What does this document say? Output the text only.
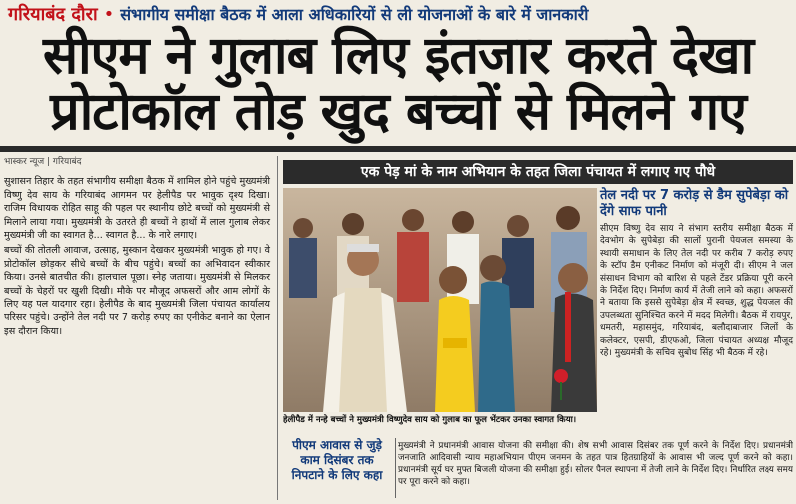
गरियाबंद दौरा • संभागीय समीक्षा बैठक में आला अधिकारियों से ली योजनाओं के बारे में जानकारी
सीएम ने गुलाब लिए इंतजार करते देखा
प्रोटोकॉल तोड़ खुद बच्चों से मिलने गए
भास्कर न्यूज | गरियाबंद

सुशासन तिहार के तहत संभागीय समीक्षा बैठक में शामिल होने पहुंचे मुख्यमंत्री विष्णु देव साय के गरियाबंद आगमन पर हेलीपैड पर भावुक दृश्य दिखा। राजिम विधायक रोहित साहू की पहल पर स्थानीय छोटे बच्चों को मुख्यमंत्री से मिलाने लाया गया। मुख्यमंत्री के उतरते ही बच्चों ने हाथों में लाल गुलाब लेकर मुख्यमंत्री जी का स्वागत है... स्वागत है... के नारे लगाए।

बच्चों की तोतली आवाज, उत्साह, मुस्कान देखकर मुख्यमंत्री भावुक हो गए। वे प्रोटोकॉल छोड़कर सीधे बच्चों के बीच पहुंचे। बच्चों का अभिवादन स्वीकार किया। उनसे बातचीत की। हालचाल पूछा। स्नेह जताया। मुख्यमंत्री से मिलकर बच्चों के चेहरों पर खुशी दिखी। मौके पर मौजूद अफसरों और आम लोगों के लिए यह पल यादगार रहा। हेलीपैड के बाद मुख्यमंत्री जिला पंचायत कार्यालय परिसर पहुंचे। उन्होंने तेल नदी पर 7 करोड़ रुपए का एनीकेट बनाने का ऐलान इस दौरान किया।

एक पेड़ मां के नाम अभियान के तहत जिला पंचायत में लगाए गए पौधे
तेल नदी पर 7 करोड़ से डैम सुपेबेड़ा को देंगे साफ पानी
सीएम विष्णु देव साय ने संभाग स्तरीय समीक्षा बैठक में देवभोग के सुपेबेड़ा की सालों पुरानी पेयजल समस्या के स्थायी समाधान के लिए तेल नदी पर करीब 7 करोड़ रुपए के स्टॉप डैम एनीकट निर्माण को मंजूरी दी। सीएम ने जल संसाधन विभाग को बारिश से पहले टेंडर प्रक्रिया पूरी करने के निर्देश दिए। निर्माण कार्य में तेजी लाने को कहा। अफसरों ने बताया कि इससे सुपेबेड़ा क्षेत्र में स्वच्छ, शुद्ध पेयजल की उपलब्धता सुनिश्चित करने में मदद मिलेगी। बैठक में रायपुर, धमतरी, महासमुंद, गरियाबंद, बलौदाबाजार जिलों के कलेक्टर, एसपी, डीएफओ, जिला पंचायत अध्यक्ष मौजूद रहे। मुख्यमंत्री के सचिव सुबोध सिंह भी बैठक में रहे।
हेलीपैड में नन्हे बच्चों ने मुख्यमंत्री विष्णुदेव साय को गुलाब का फूल भेंटकर उनका स्वागत किया।
पीएम आवास से जुड़े काम दिसंबर तक निपटाने के लिए कहा
मुख्यमंत्री ने प्रधानमंत्री आवास योजना की समीक्षा की। शेष सभी आवास दिसंबर तक पूर्ण करने के निर्देश दिए। प्रधानमंत्री जनजाति आदिवासी न्याय महाअभियान पीएम जनमन के तहत पात्र हितग्राहियों के आवास भी जल्द पूर्ण करने को कहा। प्रधानमंत्री सूर्य घर मुफ्त बिजली योजना की समीक्षा हुई। सोलर पैनल स्थापना में तेजी लाने के निर्देश दिए। निर्धारित लक्ष्य समय पर पूरा करने को कहा।
